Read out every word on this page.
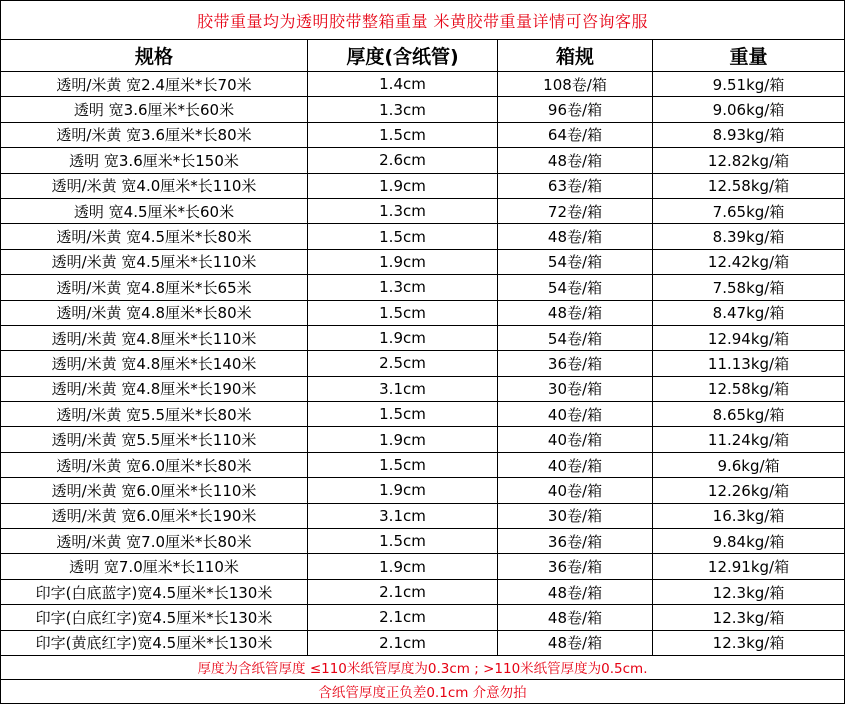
胶带重量均为透明胶带整箱重量 米黄胶带重量详情可咨询客服			
规格	厚度(含纸管)	箱规	重量
透明/米黄 宽2.4厘米*长70米	1.4cm	108卷/箱	9.51kg/箱
透明 宽3.6厘米*长60米	1.3cm	96卷/箱	9.06kg/箱
透明/米黄 宽3.6厘米*长80米	1.5cm	64卷/箱	8.93kg/箱
透明 宽3.6厘米*长150米	2.6cm	48卷/箱	12.82kg/箱
透明/米黄 宽4.0厘米*长110米	1.9cm	63卷/箱	12.58kg/箱
透明 宽4.5厘米*长60米	1.3cm	72卷/箱	7.65kg/箱
透明/米黄 宽4.5厘米*长80米	1.5cm	48卷/箱	8.39kg/箱
透明/米黄 宽4.5厘米*长110米	1.9cm	54卷/箱	12.42kg/箱
透明/米黄 宽4.8厘米*长65米	1.3cm	54卷/箱	7.58kg/箱
透明/米黄 宽4.8厘米*长80米	1.5cm	48卷/箱	8.47kg/箱
透明/米黄 宽4.8厘米*长110米	1.9cm	54卷/箱	12.94kg/箱
透明/米黄 宽4.8厘米*长140米	2.5cm	36卷/箱	11.13kg/箱
透明/米黄 宽4.8厘米*长190米	3.1cm	30卷/箱	12.58kg/箱
透明/米黄 宽5.5厘米*长80米	1.5cm	40卷/箱	8.65kg/箱
透明/米黄 宽5.5厘米*长110米	1.9cm	40卷/箱	11.24kg/箱
透明/米黄 宽6.0厘米*长80米	1.5cm	40卷/箱	9.6kg/箱
透明/米黄 宽6.0厘米*长110米	1.9cm	40卷/箱	12.26kg/箱
透明/米黄 宽6.0厘米*长190米	3.1cm	30卷/箱	16.3kg/箱
透明/米黄 宽7.0厘米*长80米	1.5cm	36卷/箱	9.84kg/箱
透明 宽7.0厘米*长110米	1.9cm	36卷/箱	12.91kg/箱
印字(白底蓝字)宽4.5厘米*长130米	2.1cm	48卷/箱	12.3kg/箱
印字(白底红字)宽4.5厘米*长130米	2.1cm	48卷/箱	12.3kg/箱
印字(黄底红字)宽4.5厘米*长130米	2.1cm	48卷/箱	12.3kg/箱
厚度为含纸管厚度 ≤110米纸管厚度为0.3cm ; >110米纸管厚度为0.5cm.			
含纸管厚度正负差0.1cm 介意勿拍			
